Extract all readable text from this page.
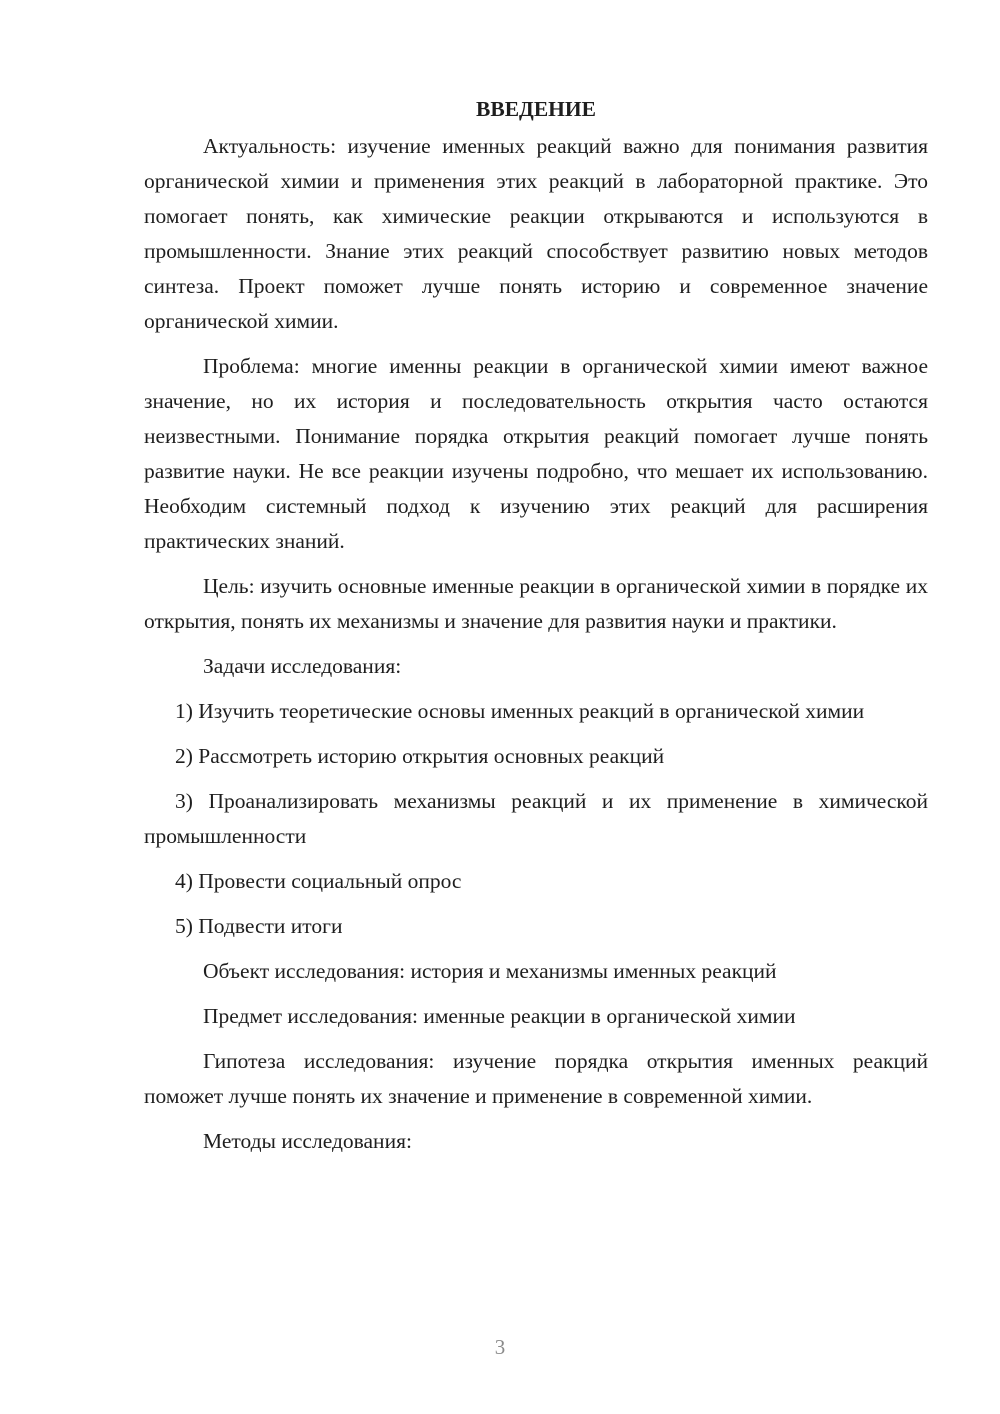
ВВЕДЕНИЕ

Актуальность: изучение именных реакций важно для понимания развития органической химии и применения этих реакций в лабораторной практике. Это помогает понять, как химические реакции открываются и используются в промышленности. Знание этих реакций способствует развитию новых методов синтеза. Проект поможет лучше понять историю и современное значение органической химии.

Проблема: многие именны реакции в органической химии имеют важное значение, но их история и последовательность открытия часто остаются неизвестными. Понимание порядка открытия реакций помогает лучше понять развитие науки. Не все реакции изучены подробно, что мешает их использованию. Необходим системный подход к изучению этих реакций для расширения практических знаний.

Цель: изучить основные именные реакции в органической химии в порядке их открытия, понять их механизмы и значение для развития науки и практики.

Задачи исследования:

1) Изучить теоретические основы именных реакций в органической химии

2) Рассмотреть историю открытия основных реакций

3) Проанализировать механизмы реакций и их применение в химической промышленности

4) Провести социальный опрос

5) Подвести итоги

Объект исследования: история и механизмы именных реакций

Предмет исследования: именные реакции в органической химии

Гипотеза исследования: изучение порядка открытия именных реакций поможет лучше понять их значение и применение в современной химии.

Методы исследования:

3
